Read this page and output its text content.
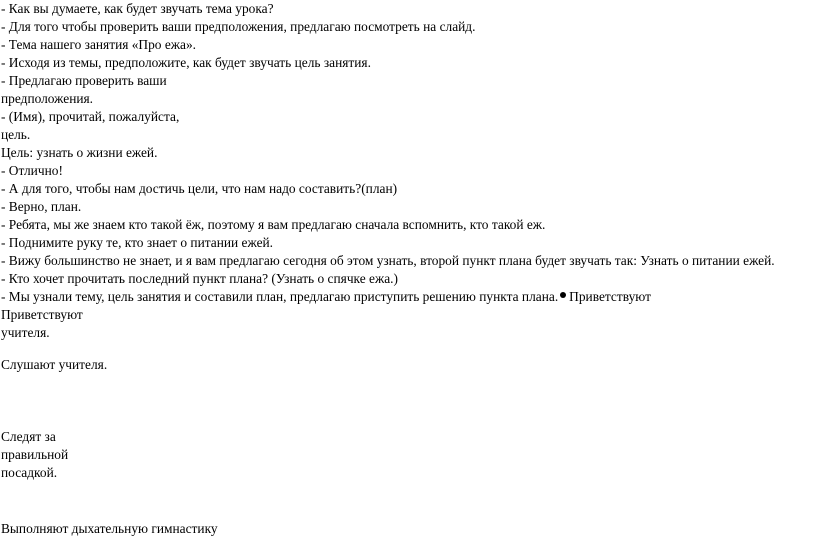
- Как вы думаете, как будет звучать тема урока?
- Для того чтобы проверить ваши предположения, предлагаю посмотреть на слайд.
- Тема нашего занятия «Про ежа».
- Исходя из темы, предположите, как будет звучать цель занятия.
- Предлагаю проверить ваши
предположения.
- (Имя), прочитай, пожалуйста,
цель.
Цель: узнать о жизни ежей.
- Отлично!
- А для того, чтобы нам достичь цели, что нам надо составить?(план)
- Верно, план.
- Ребята, мы же знаем кто такой ёж, поэтому я вам предлагаю сначала вспомнить, кто такой еж.
- Поднимите руку те, кто знает о питании ежей.
- Вижу большинство не знает, и я вам предлагаю сегодня об этом узнать, второй пункт плана будет звучать так: Узнать о питании ежей.
- Кто хочет прочитать последний пункт плана? (Узнать о спячке ежа.)
- Мы узнали тему, цель занятия и составили план, предлагаю приступить решению пункта плана. Приветствуют
Приветствуют
учителя.
Слушают учителя.
Следят за
правильной
посадкой.
Выполняют дыхательную гимнастику
